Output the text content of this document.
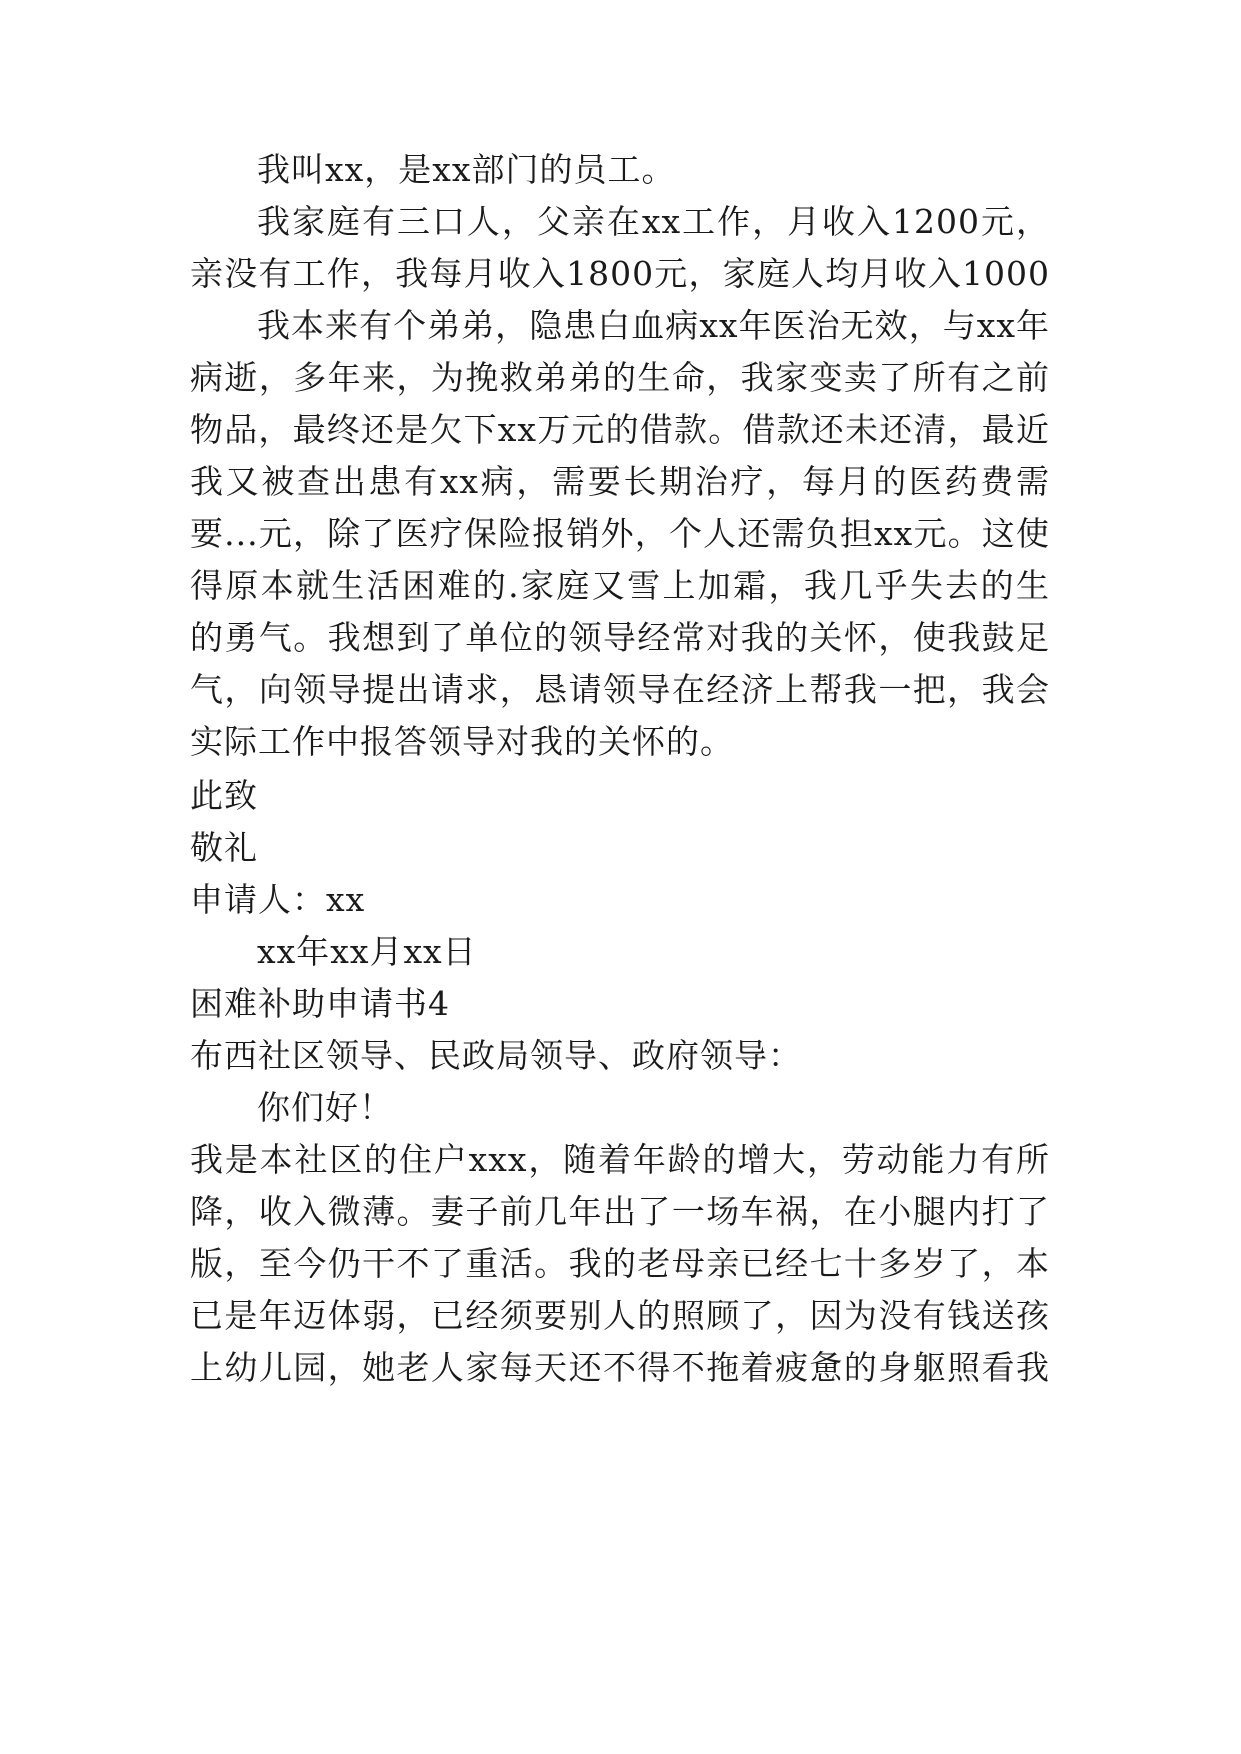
我叫xx，是xx部门的员工。
我家庭有三口人，父亲在xx工作，月收入1200元，
亲没有工作，我每月收入1800元，家庭人均月收入1000
我本来有个弟弟，隐患白血病xx年医治无效，与xx年
病逝，多年来，为挽救弟弟的生命，我家变卖了所有之前
物品，最终还是欠下xx万元的借款。借款还未还清，最近
我又被查出患有xx病，需要长期治疗，每月的医药费需
要...元，除了医疗保险报销外，个人还需负担xx元。这使
得原本就生活困难的.家庭又雪上加霜，我几乎失去的生
的勇气。我想到了单位的领导经常对我的关怀，使我鼓足
气，向领导提出请求，恳请领导在经济上帮我一把，我会
实际工作中报答领导对我的关怀的。
此致
敬礼
申请人：xx
xx年xx月xx日
困难补助申请书4
布西社区领导、民政局领导、政府领导：
你们好！
我是本社区的住户xxx，随着年龄的增大，劳动能力有所
降，收入微薄。妻子前几年出了一场车祸，在小腿内打了
版，至今仍干不了重活。我的老母亲已经七十多岁了，本
已是年迈体弱，已经须要别人的照顾了，因为没有钱送孩
上幼儿园，她老人家每天还不得不拖着疲惫的身躯照看我
